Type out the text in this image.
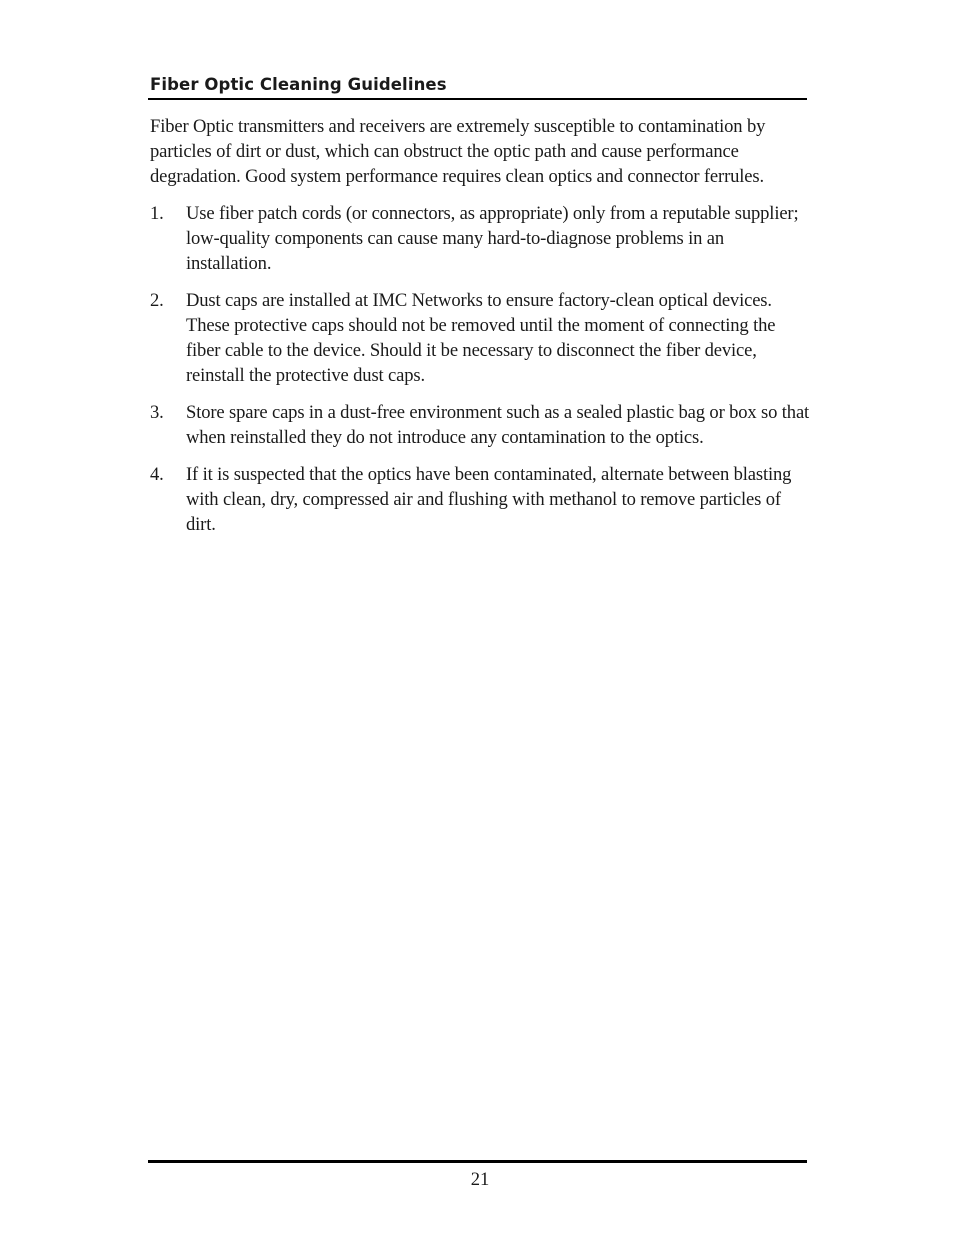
Fiber Optic Cleaning Guidelines

Fiber Optic transmitters and receivers are extremely susceptible to contamination by particles of dirt or dust, which can obstruct the optic path and cause performance degradation. Good system performance requires clean optics and connector ferrules.

1.	Use fiber patch cords (or connectors, as appropriate) only from a reputable supplier; low-quality components can cause many hard-to-diagnose problems in an installation.
2.	Dust caps are installed at IMC Networks to ensure factory-clean optical devices. These protective caps should not be removed until the moment of connecting the fiber cable to the device. Should it be necessary to disconnect the fiber device, reinstall the protective dust caps.
3.	Store spare caps in a dust-free environment such as a sealed plastic bag or box so that when reinstalled they do not introduce any contamination to the optics.
4.	If it is suspected that the optics have been contaminated, alternate between blasting with clean, dry, compressed air and flushing with methanol to remove particles of dirt.
21
